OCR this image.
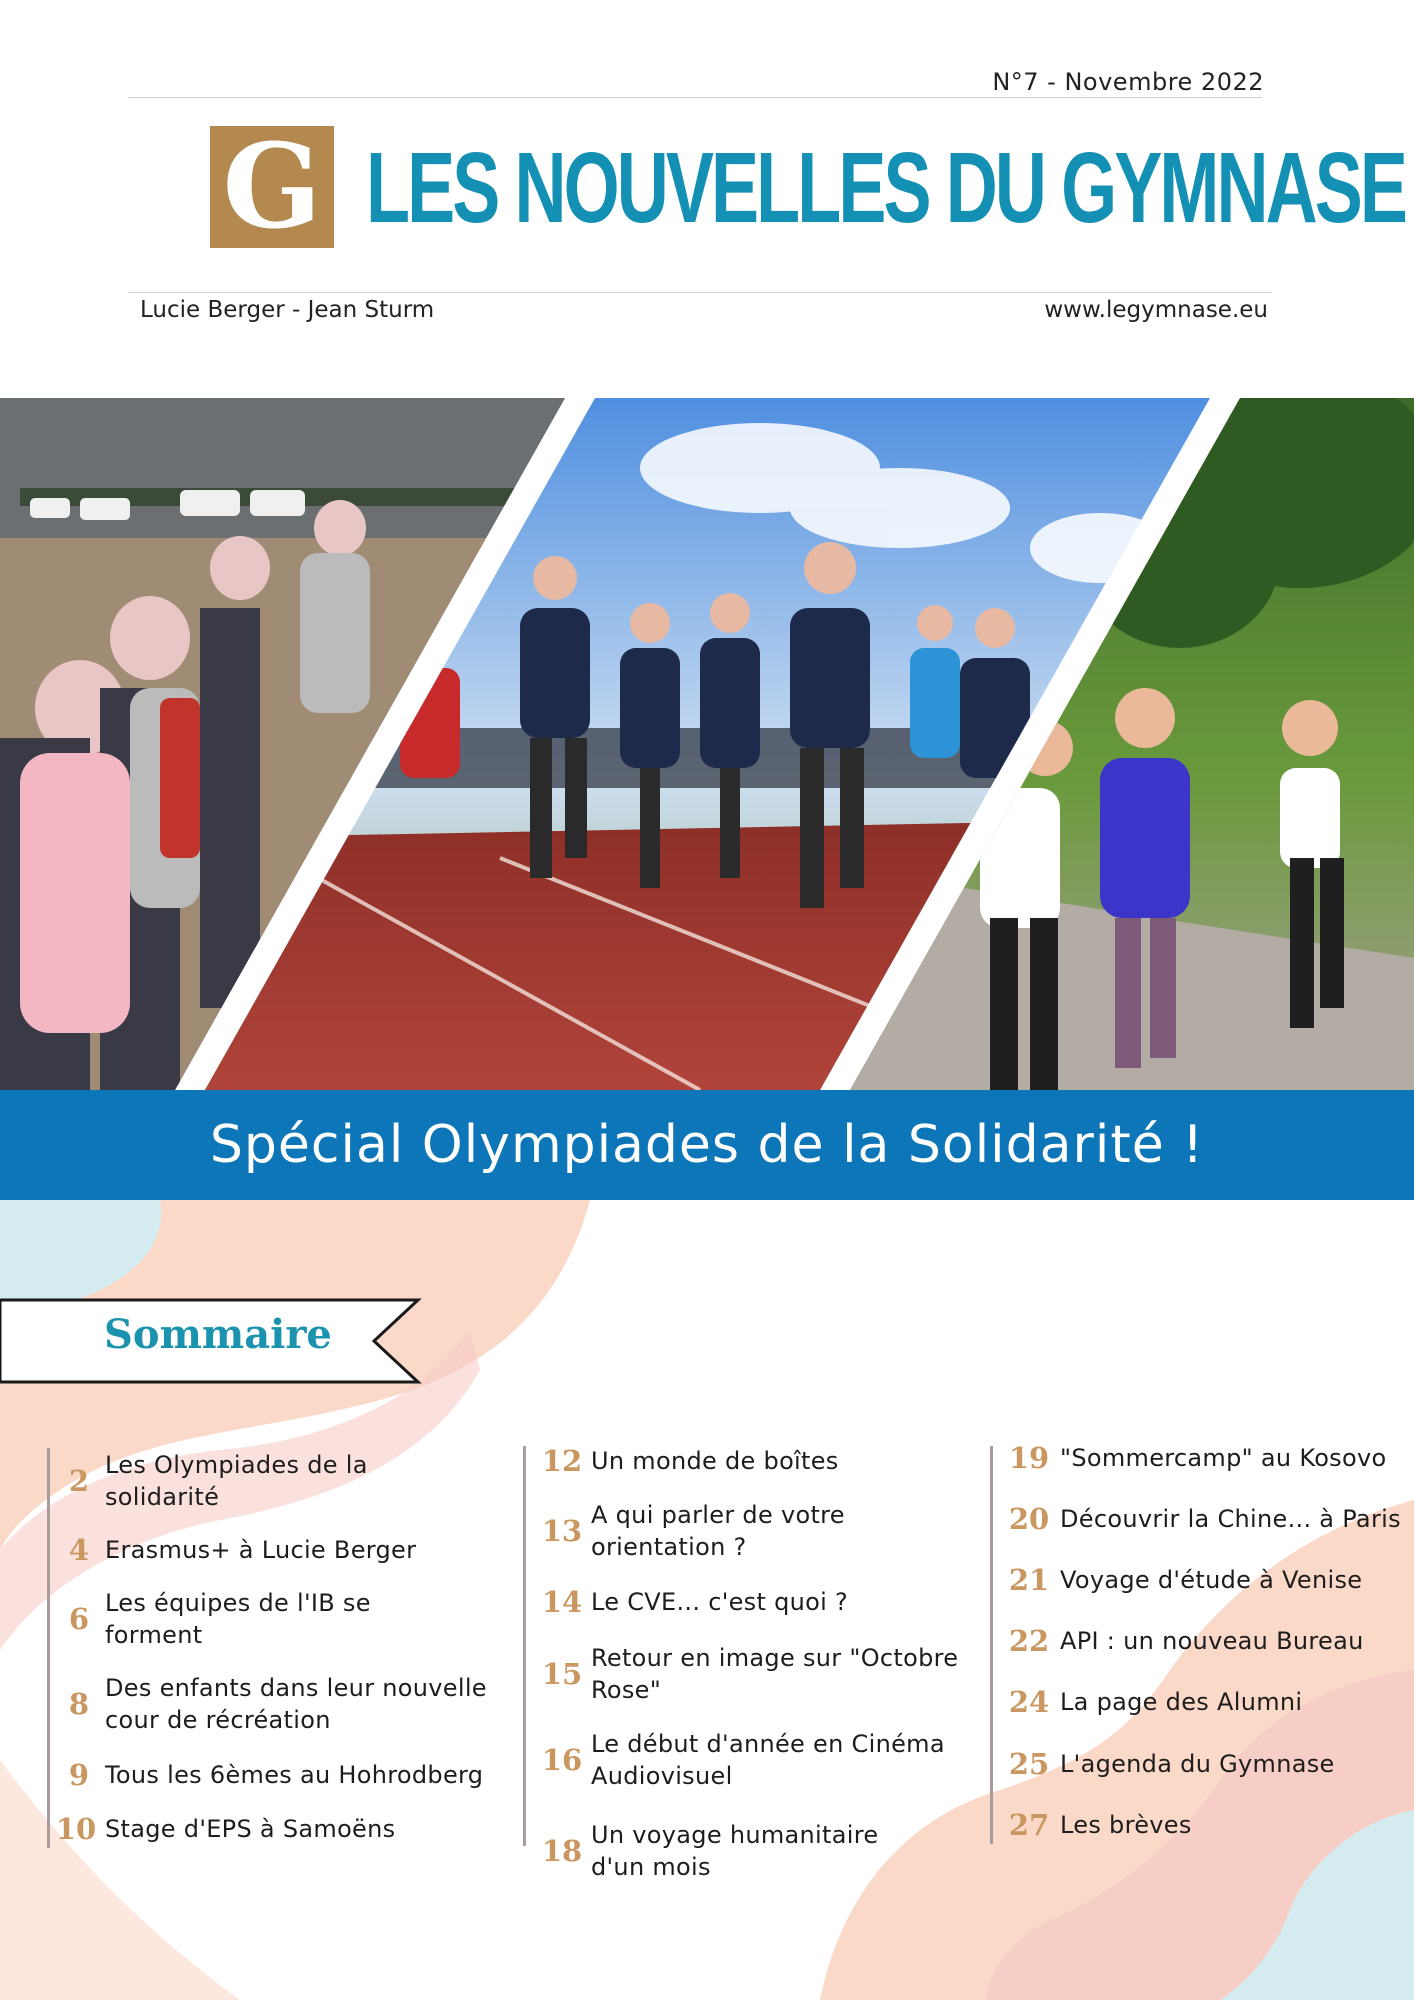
N°7 - Novembre 2022
G LES NOUVELLES DU GYMNASE
Lucie Berger - Jean Sturm	www.legymnase.eu
Spécial Olympiades de la Solidarité !
Sommaire
2 Les Olympiades de la solidarité
4 Erasmus+ à Lucie Berger
6 Les équipes de l'IB se forment
8 Des enfants dans leur nouvelle cour de récréation
9 Tous les 6èmes au Hohrodberg
10 Stage d'EPS à Samoëns
12 Un monde de boîtes
13 A qui parler de votre orientation ?
14 Le CVE... c'est quoi ?
15 Retour en image sur "Octobre Rose"
16 Le début d'année en Cinéma Audiovisuel
18 Un voyage humanitaire d'un mois
19 "Sommercamp" au Kosovo
20 Découvrir la Chine... à Paris
21 Voyage d'étude à Venise
22 API : un nouveau Bureau
24 La page des Alumni
25 L'agenda du Gymnase
27 Les brèves
